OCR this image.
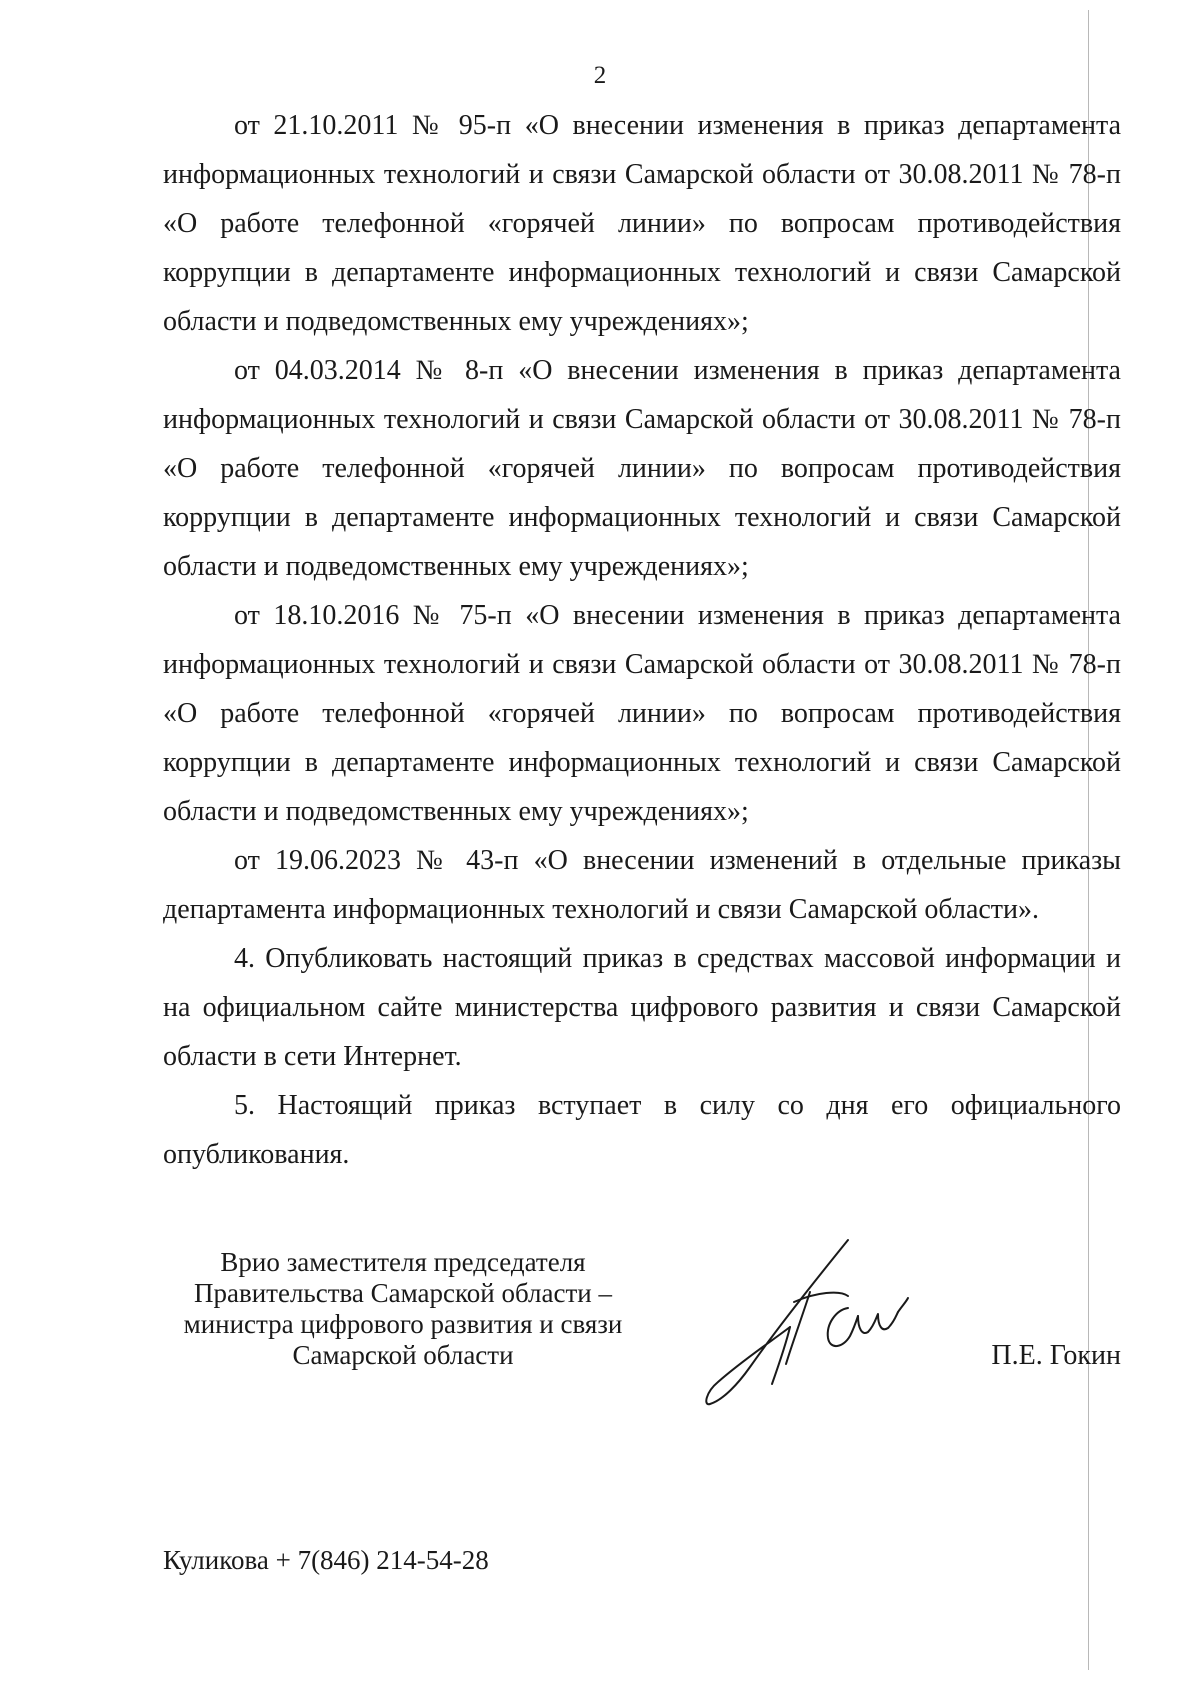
2

от 21.10.2011 № 95-п «О внесении изменения в приказ департамента информационных технологий и связи Самарской области от 30.08.2011 № 78-п «О работе телефонной «горячей линии» по вопросам противодействия коррупции в департаменте информационных технологий и связи Самарской области и подведомственных ему учреждениях»;

от 04.03.2014 № 8-п «О внесении изменения в приказ департамента информационных технологий и связи Самарской области от 30.08.2011 № 78-п «О работе телефонной «горячей линии» по вопросам противодействия коррупции в департаменте информационных технологий и связи Самарской области и подведомственных ему учреждениях»;

от 18.10.2016 № 75-п «О внесении изменения в приказ департамента информационных технологий и связи Самарской области от 30.08.2011 № 78-п «О работе телефонной «горячей линии» по вопросам противодействия коррупции в департаменте информационных технологий и связи Самарской области и подведомственных ему учреждениях»;

от 19.06.2023 № 43-п «О внесении изменений в отдельные приказы департамента информационных технологий и связи Самарской области».

4. Опубликовать настоящий приказ в средствах массовой информации и на официальном сайте министерства цифрового развития и связи Самарской области в сети Интернет.

5. Настоящий приказ вступает в силу со дня его официального опубликования.

Врио заместителя председателя
Правительства Самарской области –
министра цифрового развития и связи
Самарской области	П.Е. Гокин
Куликова + 7(846) 214-54-28
